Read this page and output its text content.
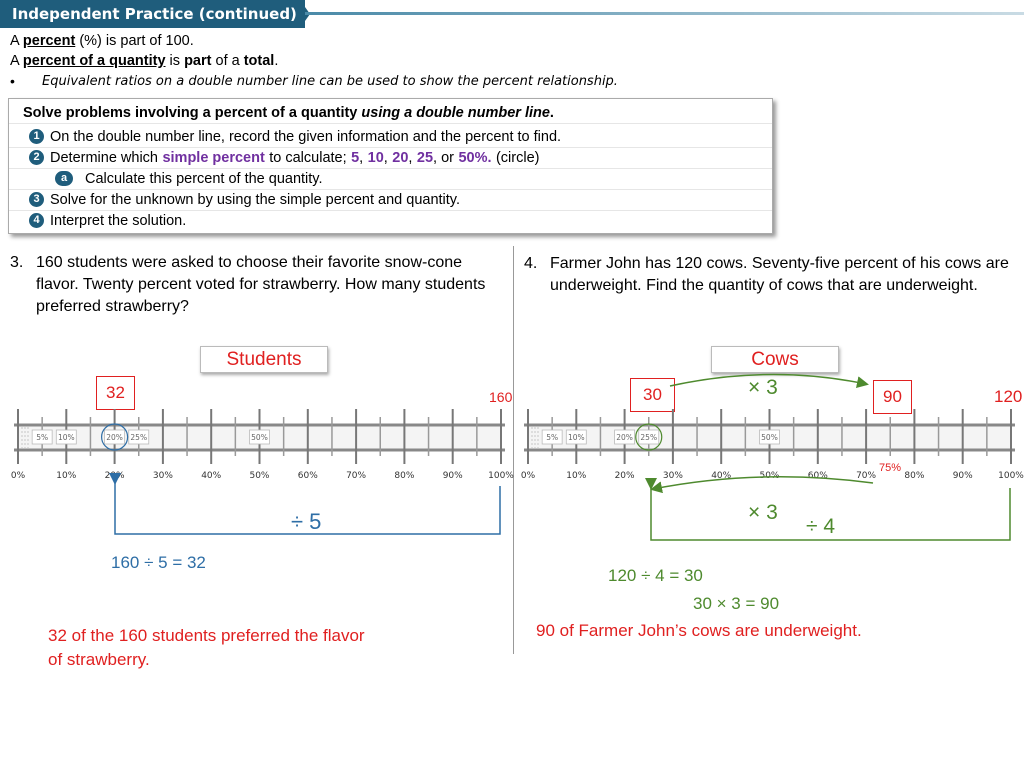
Independent Practice (continued)
A percent (%) is part of 100.
A percent of a quantity is part of a total.
• Equivalent ratios on a double number line can be used to show the percent relationship.
Solve problems involving a percent of a quantity using a double number line.
1 On the double number line, record the given information and the percent to find.
2 Determine which simple percent to calculate; 5, 10, 20, 25, or 50%. (circle)
a Calculate this percent of the quantity.
3 Solve for the unknown by using the simple percent and quantity.
4 Interpret the solution.
3. 160 students were asked to choose their favorite snow-cone flavor. Twenty percent voted for strawberry. How many students preferred strawberry?
4. Farmer John has 120 cows. Seventy-five percent of his cows are underweight. Find the quantity of cows that are underweight.
Students
32	160
Cows
30	90	120
× 3
75%
× 3
÷ 4
0%	10%	20%	30%	40%	50%	60%	70%	80%	90%	100%
5% 10%	20% 25%	50%
0%	10%	20%	30%	40%	50%	60%	70%	80%	90%	100%
5% 10%	20% 25%	50%
÷ 5
160 ÷ 5 = 32
32 of the 160 students preferred the flavor of strawberry.
120 ÷ 4 = 30
30 × 3 = 90
90 of Farmer John’s cows are underweight.
